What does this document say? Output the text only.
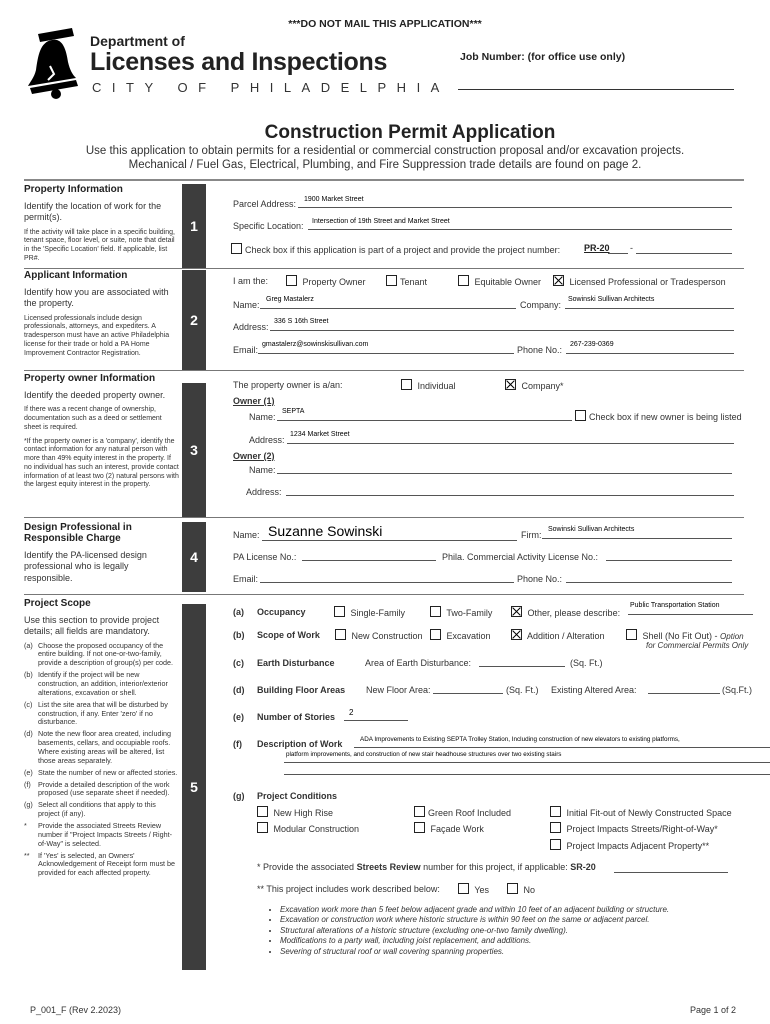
***DO NOT MAIL THIS APPLICATION***
Department of
Licenses and Inspections
CITY OF PHILADELPHIA
Job Number: (for office use only)
Construction Permit Application
Use this application to obtain permits for a residential or commercial construction proposal and/or excavation projects.
Mechanical / Fuel Gas, Electrical, Plumbing, and Fire Suppression trade details are found on page 2.
Property Information
Identify the location of work for the permit(s).
If the activity will take place in a specific building, tenant space, floor level, or suite, note that detail in the 'Specific Location' field. If applicable, list PR#.
1
Parcel Address: 1900 Market Street
Specific Location: Intersection of 19th Street and Market Street
Check box if this application is part of a project and provide the project number:	PR-20 -
Applicant Information
Identify how you are associated with the property.
Licensed professionals include design professionals, attorneys, and expediters. A tradesperson must have an active Philadelphia license for their trade or hold a PA Home Improvement Contractor Registration.
2
I am the:	Property Owner	Tenant	Equitable Owner	Licensed Professional or Tradesperson
Name:
Greg Mastalerz
Company:
Sowinski Sullivan Architects
Address:
336 S 16th Street
Email:
gmastalerz@sowinskisullivan.com
Phone No.:
267-239-0369
Property owner Information
Identify the deeded property owner.
If there was a recent change of ownership, documentation such as a deed or settlement sheet is required.
*If the property owner is a 'company', identify the contact information for any natural person with more than 49% equity interest in the property. If no individual has such an interest, provide contact information of at least two (2) natural persons with the largest equity interest in the property.
3
The property owner is a/an:	Individual	Company*
Owner (1)
Name:
SEPTA
Check box if new owner is being listed
Address:
1234 Market Street
Owner (2)
Name:
Address:
Design Professional in Responsible Charge
Identify the PA-licensed design professional who is legally responsible.
4
Name: Suzanne Sowinski	Firm:
Sowinski Sullivan Architects
PA License No.:	Phila. Commercial Activity License No.:
Email:	Phone No.:
Project Scope
Use this section to provide project details; all fields are mandatory.
(a) Choose the proposed occupancy of the entire building. If not one-or-two-family, provide a description of group(s) per code.
(b) Identify if the project will be new construction, an addition, interior/exterior alterations, excavation or shell.
(c) List the site area that will be disturbed by construction, if any. Enter 'zero' if no disturbance.
(d) Note the new floor area created, including basements, cellars, and occupiable roofs. Where existing areas will be altered, list those areas separately.
(e) State the number of new or affected stories.
(f)	Provide a detailed description of the work proposed (use separate sheet if needed).
(g) Select all conditions that apply to this project (if any).
*	Provide the associated Streets Review number if "Project Impacts Streets / Right-of-Way" is selected.
**	If 'Yes' is selected, an Owners' Acknowledgement of Receipt form must be provided for each affected property.
5
(a) Occupancy	Single-Family	Two-Family	Other, please describe:
Public Transportation Station
(b) Scope of Work	New Construction	Excavation	Addition / Alteration	Shell (No Fit Out) - Option
for Commercial Permits Only
(c) Earth Disturbance	Area of Earth Disturbance:	(Sq. Ft.)
(d) Building Floor Areas New Floor Area:	(Sq. Ft.) Existing Altered Area:	(Sq.Ft.)
(e) Number of Stories 2
(f) Description of Work	ADA Improvements to Existing SEPTA Trolley Station, Including construction of new elevators to existing platforms,
platform improvements, and construction of new stair headhouse structures over two existing stairs
(g) Project Conditions
New High Rise	Green Roof Included	Initial Fit-out of Newly Constructed Space
Modular Construction	Façade Work	Project Impacts Streets/Right-of-Way*
Project Impacts Adjacent Property**
* Provide the associated Streets Review number for this project, if applicable: SR-20
** This project includes work described below:	Yes	No
• Excavation work more than 5 feet below adjacent grade and within 10 feet of an adjacent building or structure.
• Excavation or construction work where historic structure is within 90 feet on the same or adjacent parcel.
• Structural alterations of a historic structure (excluding one-or-two family dwelling).
• Modifications to a party wall, including joist replacement, and additions.
• Severing of structural roof or wall covering spanning properties.
P_001_F (Rev 2.2023)	Page 1 of 2
